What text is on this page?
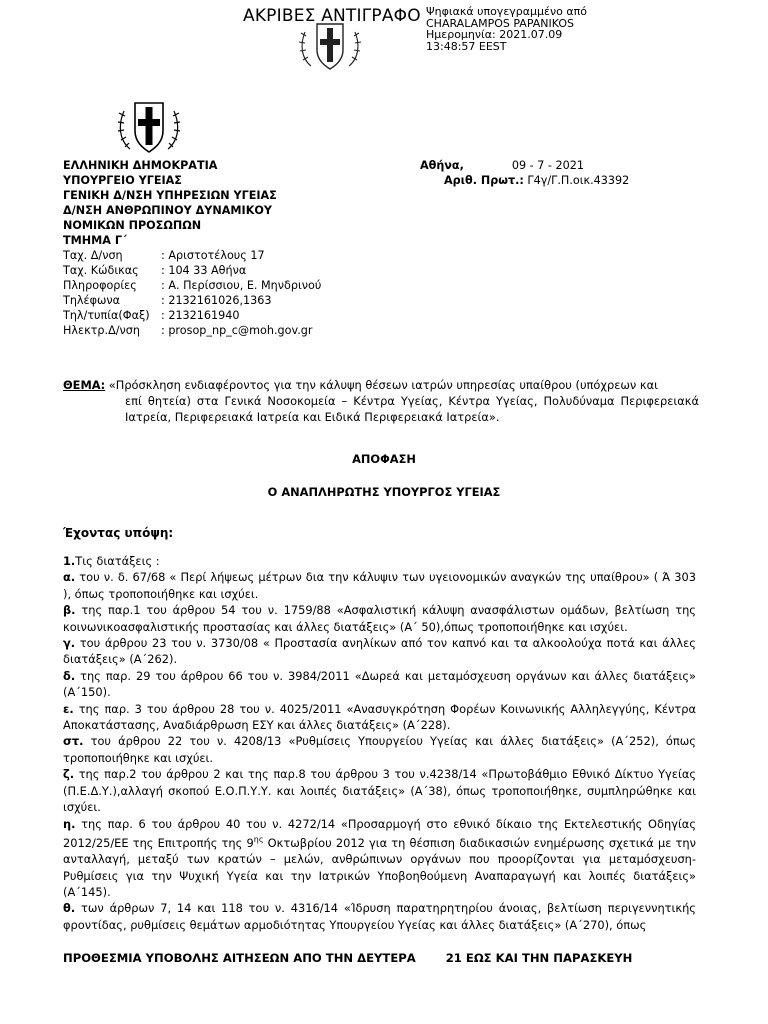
ΑΚΡΙΒΕΣ ΑΝΤΙΓΡΑΦΟ Ψηφιακά υπογεγραμμένο από
CHARALAMPOS PAPANIKOS
Ημερομηνία: 2021.07.09
13:48:57 EEST
ΕΛΛΗΝΙΚΗ ΔΗΜΟΚΡΑΤΙΑ
ΥΠΟΥΡΓΕΙΟ ΥΓΕΙΑΣ
ΓΕΝΙΚΗ Δ/ΝΣΗ ΥΠΗΡΕΣΙΩΝ ΥΓΕΙΑΣ
Δ/ΝΣΗ ΑΝΘΡΩΠΙΝΟΥ ΔΥΝΑΜΙΚΟΥ
ΝΟΜΙΚΩΝ ΠΡΟΣΩΠΩΝ
ΤΜΗΜΑ Γ΄
Ταχ. Δ/νση	: Αριστοτέλους 17
Ταχ. Κώδικας	: 104 33 Αθήνα
Πληροφορίες	: Α. Περίσσιου, Ε. Μηνδρινού
Τηλέφωνα	: 2132161026,1363
Τηλ/τυπία(Φαξ)	: 2132161940
Ηλεκτρ.Δ/νση	: prosop_np_c@moh.gov.gr
Αθήνα,	09 - 7 - 2021
Αριθ. Πρωτ.: Γ4γ/Γ.Π.οικ.43392
ΘΕΜΑ: «Πρόσκληση ενδιαφέροντος για την κάλυψη θέσεων ιατρών υπηρεσίας υπαίθρου (υπόχρεων και
επί θητεία) στα Γενικά Νοσοκομεία – Κέντρα Υγείας, Κέντρα Υγείας, Πολυδύναμα Περιφερειακά Ιατρεία, Περιφερειακά Ιατρεία και Ειδικά Περιφερειακά Ιατρεία».
ΑΠΟΦΑΣΗ
Ο ΑΝΑΠΛΗΡΩΤΗΣ ΥΠΟΥΡΓΟΣ ΥΓΕΙΑΣ
Έχοντας υπόψη:

1.Τις διατάξεις :

α. του ν. δ. 67/68 « Περί λήψεως μέτρων δια την κάλυψιν των υγειονομικών αναγκών της υπαίθρου» ( Ά 303 ), όπως τροποποιήθηκε και ισχύει.

β. της παρ.1 του άρθρου 54 του ν. 1759/88 «Ασφαλιστική κάλυψη ανασφάλιστων ομάδων, βελτίωση της κοινωνικοασφαλιστικής προστασίας και άλλες διατάξεις» (Α΄ 50),όπως τροποποιήθηκε και ισχύει.

γ. του άρθρου 23 του ν. 3730/08 « Προστασία ανηλίκων από τον καπνό και τα αλκοολούχα ποτά και άλλες διατάξεις» (Α΄262).

δ. της παρ. 29 του άρθρου 66 του ν. 3984/2011 «Δωρεά και μεταμόσχευση οργάνων και άλλες διατάξεις» (Α΄150).

ε. της παρ. 3 του άρθρου 28 του ν. 4025/2011 «Ανασυγκρότηση Φορέων Κοινωνικής Αλληλεγγύης, Κέντρα Αποκατάστασης, Αναδιάρθρωση ΕΣΥ και άλλες διατάξεις» (Α΄228).

στ. του άρθρου 22 του ν. 4208/13 «Ρυθμίσεις Υπουργείου Υγείας και άλλες διατάξεις» (Α΄252), όπως τροποποιήθηκε και ισχύει.

ζ. της παρ.2 του άρθρου 2 και της παρ.8 του άρθρου 3 του ν.4238/14 «Πρωτοβάθμιο Εθνικό Δίκτυο Υγείας (Π.Ε.Δ.Υ.),αλλαγή σκοπού Ε.Ο.Π.Υ.Υ. και λοιπές διατάξεις» (Α΄38), όπως τροποποιήθηκε, συμπληρώθηκε και ισχύει.

η. της παρ. 6 του άρθρου 40 του ν. 4272/14 «Προσαρμογή στο εθνικό δίκαιο της Εκτελεστικής Οδηγίας 2012/25/ΕΕ της Επιτροπής της $9^{\eta\varsigma}$ Οκτωβρίου 2012 για τη θέσπιση διαδικασιών ενημέρωσης σχετικά με την ανταλλαγή, μεταξύ των κρατών – μελών, ανθρώπινων οργάνων που προορίζονται για μεταμόσχευση-Ρυθμίσεις για την Ψυχική Υγεία και την Ιατρικών Υποβοηθούμενη Αναπαραγωγή και λοιπές διατάξεις» (Α΄145).

θ. των άρθρων 7, 14 και 118 του ν. 4316/14 «Ίδρυση παρατηρητηρίου άνοιας, βελτίωση περιγεννητικής φροντίδας, ρυθμίσεις θεμάτων αρμοδιότητας Υπουργείου Υγείας και άλλες διατάξεις» (Α΄270), όπως

ΠΡΟΘΕΣΜΙΑ ΥΠΟΒΟΛΗΣ ΑΙΤΗΣΕΩΝ ΑΠΟ ΤΗΝ ΔΕΥΤΕΡΑ	21 ΕΩΣ ΚΑΙ ΤΗΝ ΠΑΡΑΣΚΕΥΗ
